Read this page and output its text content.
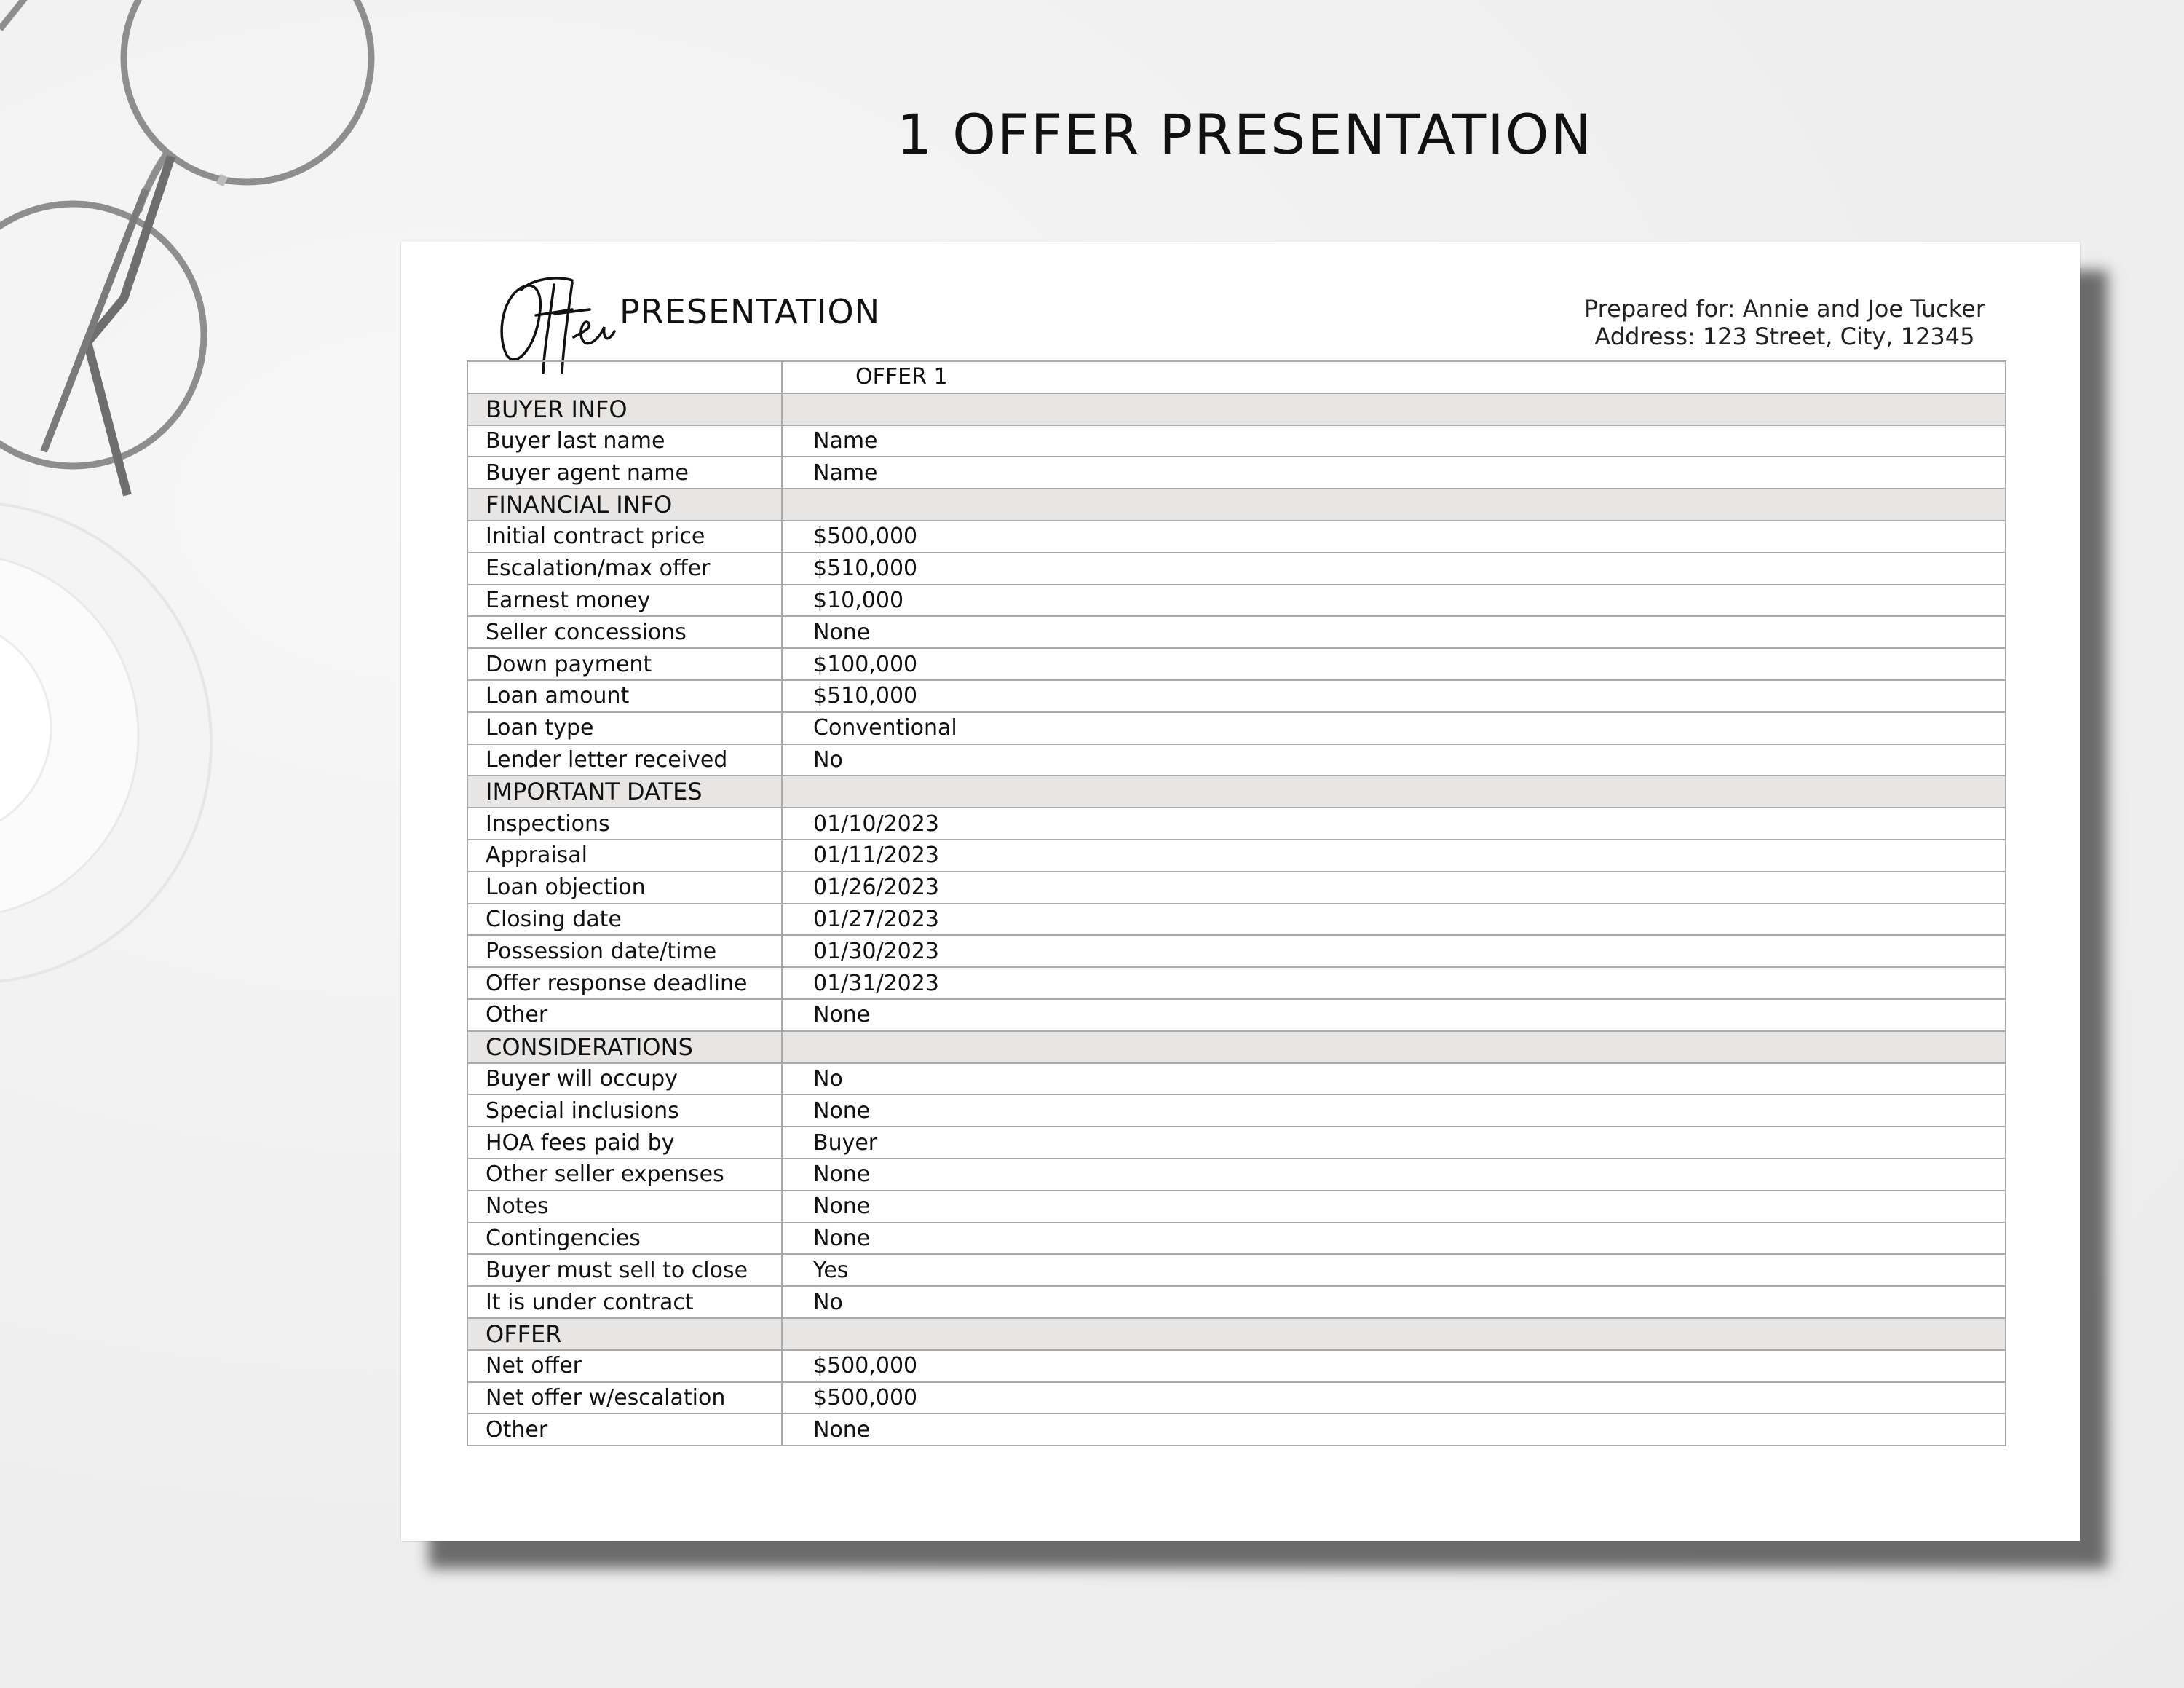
1 OFFER PRESENTATION
PRESENTATION	Prepared for: Annie and Joe Tucker
Address: 123 Street, City, 12345
	OFFER 1
BUYER INFO	
Buyer last name	Name
Buyer agent name	Name
FINANCIAL INFO	
Initial contract price	$500,000
Escalation/max offer	$510,000
Earnest money	$10,000
Seller concessions	None
Down payment	$100,000
Loan amount	$510,000
Loan type	Conventional
Lender letter received	No
IMPORTANT DATES	
Inspections	01/10/2023
Appraisal	01/11/2023
Loan objection	01/26/2023
Closing date	01/27/2023
Possession date/time	01/30/2023
Offer response deadline	01/31/2023
Other	None
CONSIDERATIONS	
Buyer will occupy	No
Special inclusions	None
HOA fees paid by	Buyer
Other seller expenses	None
Notes	None
Contingencies	None
Buyer must sell to close	Yes
It is under contract	No
OFFER	
Net offer	$500,000
Net offer w/escalation	$500,000
Other	None
